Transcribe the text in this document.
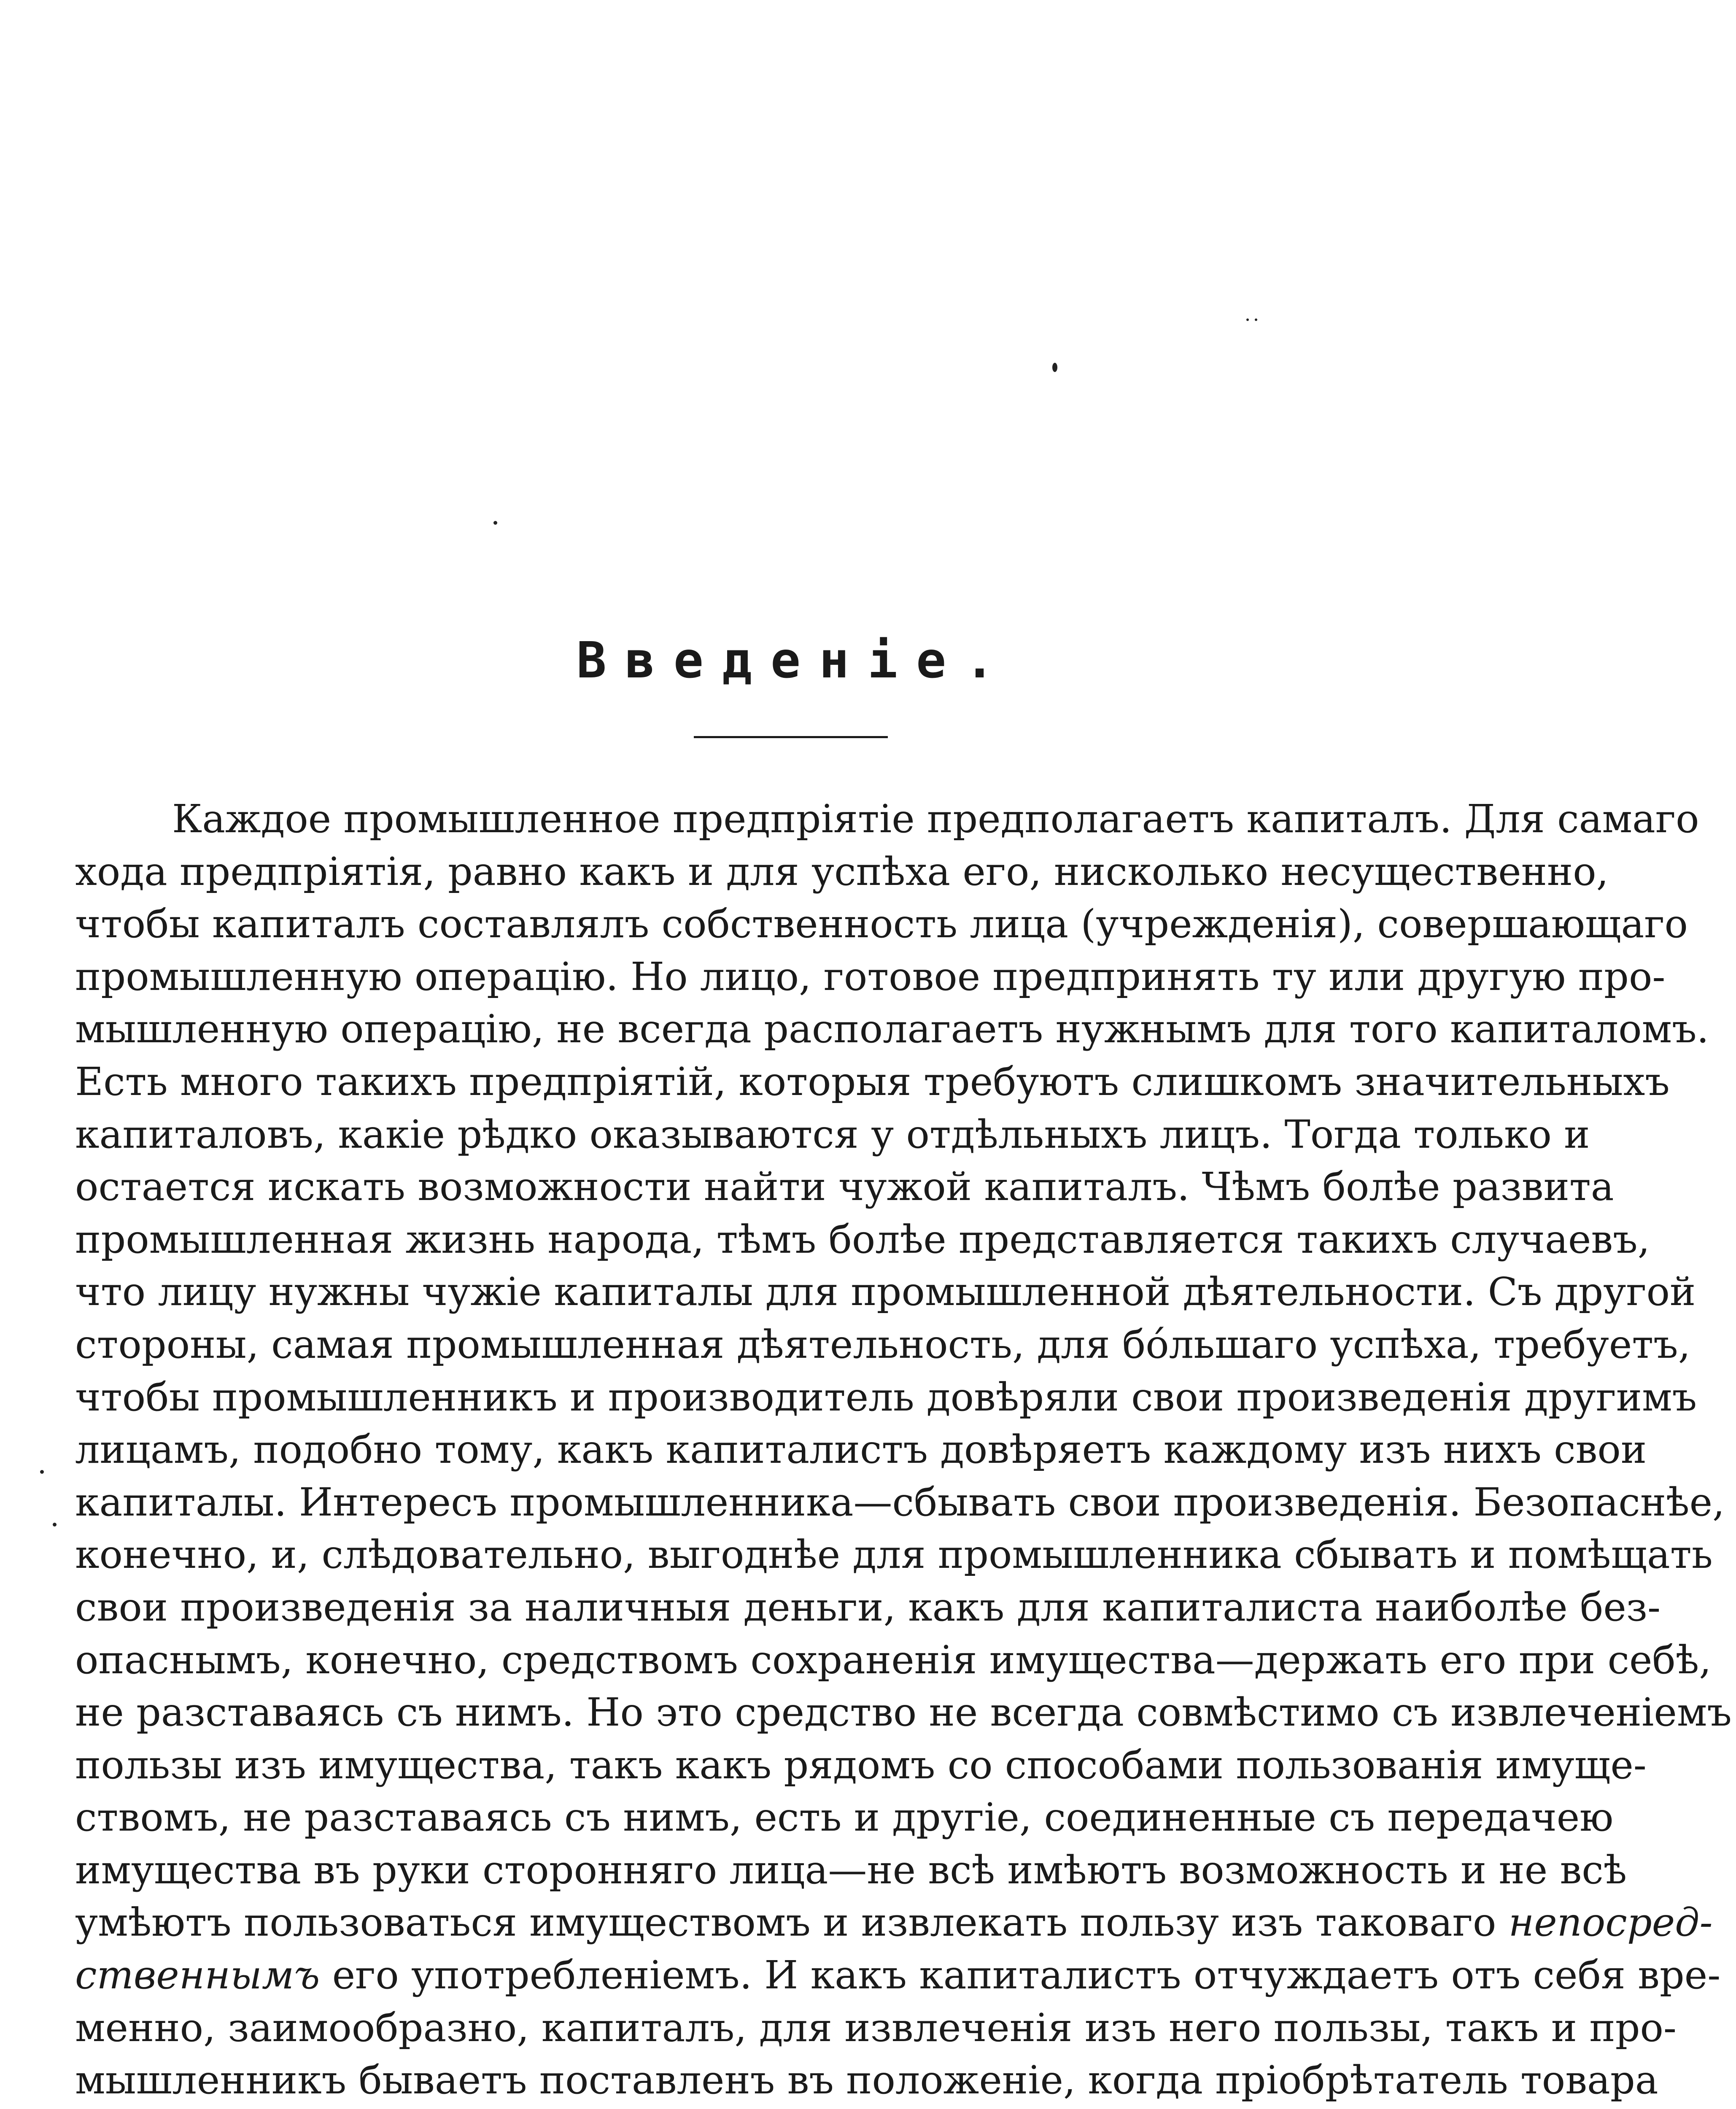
Введеніе.
Каждое промышленное предпріятіе предполагаетъ капиталъ. Для самаго
хода предпріятія, равно какъ и для успѣха его, нисколько несущественно,
чтобы капиталъ составлялъ собственность лица (учрежденія), совершающаго
промышленную операцію. Но лицо, готовое предпринять ту или другую про-
мышленную операцію, не всегда располагаетъ нужнымъ для того капиталомъ.
Есть много такихъ предпріятій, которыя требуютъ слишкомъ значительныхъ
капиталовъ, какіе рѣдко оказываются у отдѣльныхъ лицъ. Тогда только и
остается искать возможности найти чужой капиталъ. Чѣмъ болѣе развита
промышленная жизнь народа, тѣмъ болѣе представляется такихъ случаевъ,
что лицу нужны чужіе капиталы для промышленной дѣятельности. Съ другой
стороны, самая промышленная дѣятельность, для бо́льшаго успѣха, требуетъ,
чтобы промышленникъ и производитель довѣряли свои произведенія другимъ
лицамъ, подобно тому, какъ капиталистъ довѣряетъ каждому изъ нихъ свои
капиталы. Интересъ промышленника—сбывать свои произведенія. Безопаснѣе,
конечно, и, слѣдовательно, выгоднѣе для промышленника сбывать и помѣщать
свои произведенія за наличныя деньги, какъ для капиталиста наиболѣе без-
опаснымъ, конечно, средствомъ сохраненія имущества—держать его при себѣ,
не разставаясь съ нимъ. Но это средство не всегда совмѣстимо съ извлеченіемъ
пользы изъ имущества, такъ какъ рядомъ со способами пользованія имуще-
ствомъ, не разставаясь съ нимъ, есть и другіе, соединенные съ передачею
имущества въ руки сторонняго лица—не всѣ имѣютъ возможность и не всѣ
умѣютъ пользоваться имуществомъ и извлекать пользу изъ таковаго непосред-
ственнымъ его употребленіемъ. И какъ капиталистъ отчуждаетъ отъ себя вре-
менно, заимообразно, капиталъ, для извлеченія изъ него пользы, такъ и про-
мышленникъ бываетъ поставленъ въ положеніе, когда пріобрѣтатель товара
